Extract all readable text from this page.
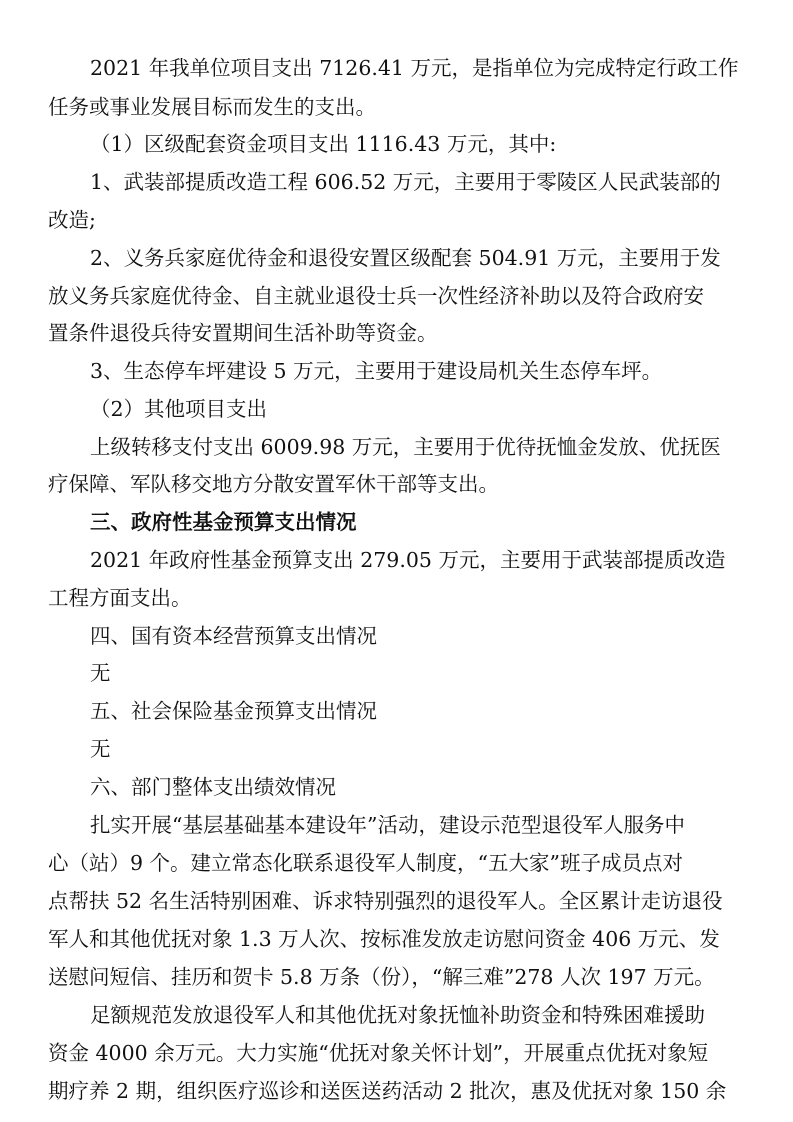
2021 年我单位项目支出 7126.41 万元，是指单位为完成特定行政工作
任务或事业发展目标而发生的支出。
（1）区级配套资金项目支出 1116.43 万元，其中:
1、武装部提质改造工程 606.52 万元，主要用于零陵区人民武装部的
改造;
2、义务兵家庭优待金和退役安置区级配套 504.91 万元，主要用于发
放义务兵家庭优待金、自主就业退役士兵一次性经济补助以及符合政府安
置条件退役兵待安置期间生活补助等资金。
3、生态停车坪建设 5 万元，主要用于建设局机关生态停车坪。
（2）其他项目支出
上级转移支付支出 6009.98 万元，主要用于优待抚恤金发放、优抚医
疗保障、军队移交地方分散安置军休干部等支出。
三、政府性基金预算支出情况
2021 年政府性基金预算支出 279.05 万元，主要用于武装部提质改造
工程方面支出。
四、国有资本经营预算支出情况
无
五、社会保险基金预算支出情况
无
六、部门整体支出绩效情况
扎实开展“基层基础基本建设年”活动，建设示范型退役军人服务中
心（站）9 个。建立常态化联系退役军人制度，“五大家”班子成员点对
点帮扶 52 名生活特别困难、诉求特别强烈的退役军人。全区累计走访退役
军人和其他优抚对象 1.3 万人次、按标准发放走访慰问资金 406 万元、发
送慰问短信、挂历和贺卡 5.8 万条（份），“解三难”278 人次 197 万元。
足额规范发放退役军人和其他优抚对象抚恤补助资金和特殊困难援助
资金 4000 余万元。大力实施“优抚对象关怀计划”，开展重点优抚对象短
期疗养 2 期，组织医疗巡诊和送医送药活动 2 批次，惠及优抚对象 150 余
